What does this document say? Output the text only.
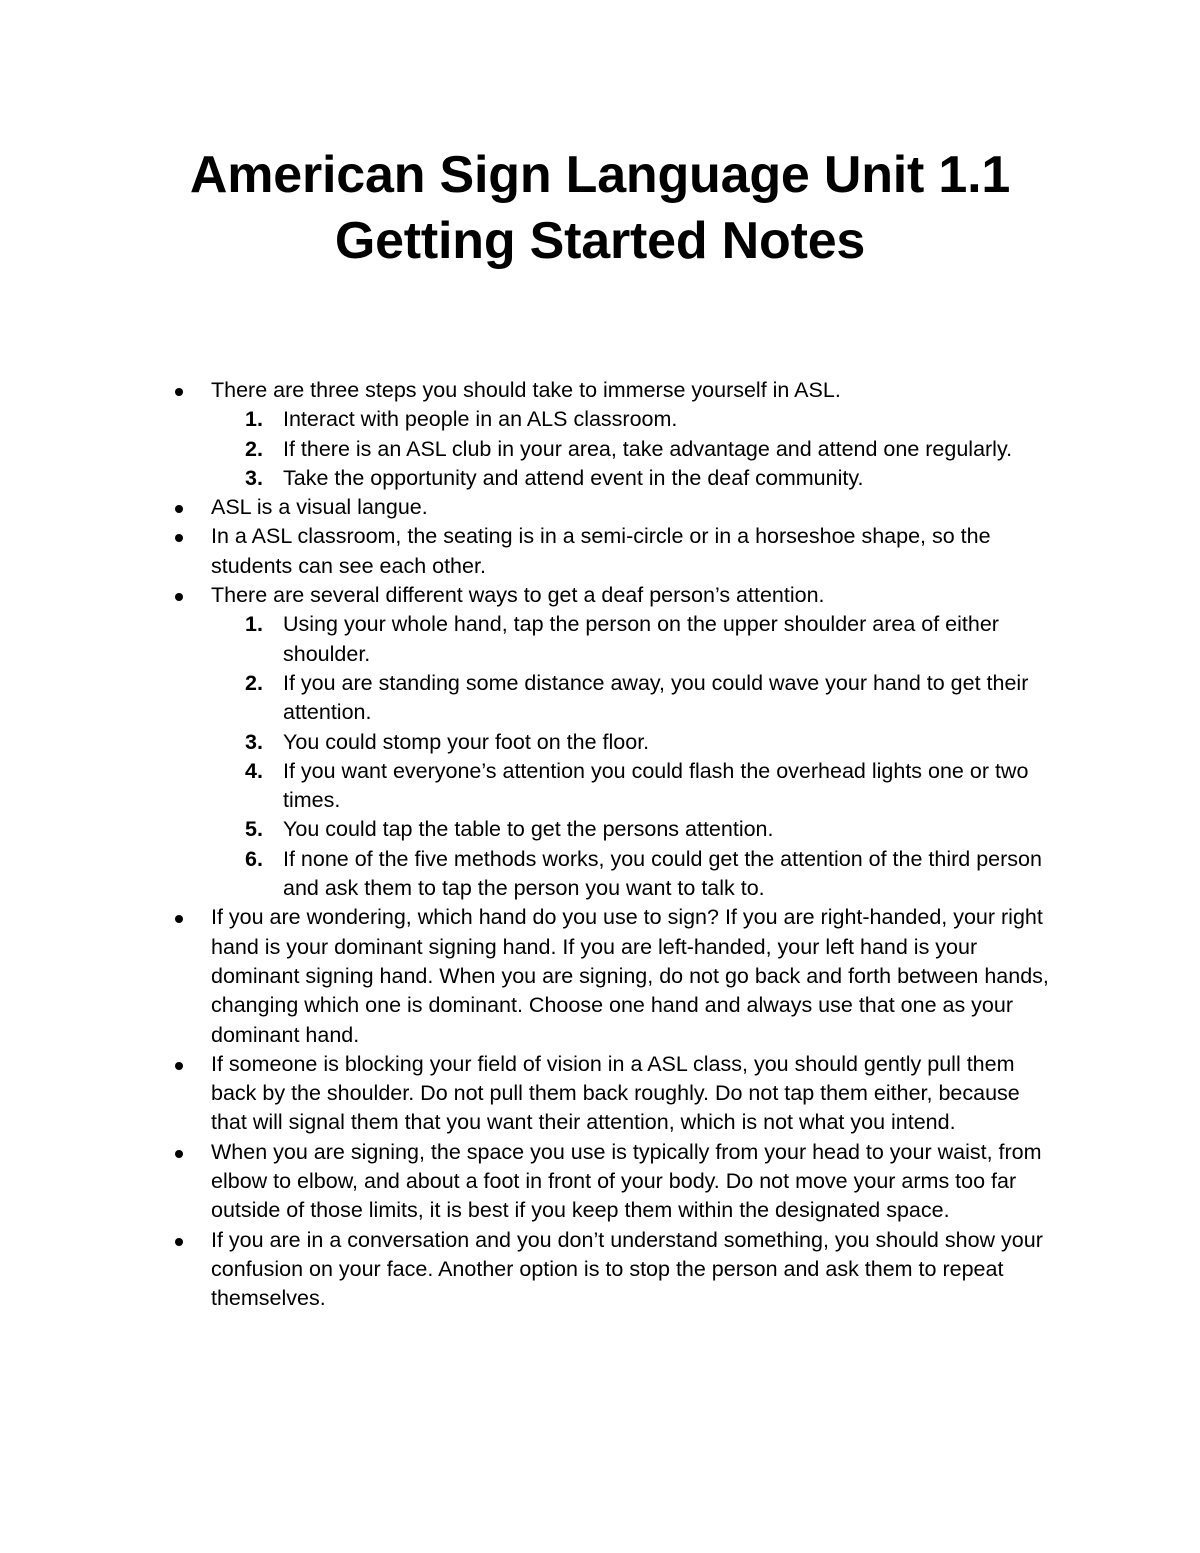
American Sign Language Unit 1.1
Getting Started Notes
There are three steps you should take to immerse yourself in ASL.
1. Interact with people in an ALS classroom.
2. If there is an ASL club in your area, take advantage and attend one regularly.
3. Take the opportunity and attend event in the deaf community.
ASL is a visual langue.
In a ASL classroom, the seating is in a semi-circle or in a horseshoe shape, so the students can see each other.
There are several different ways to get a deaf person’s attention.
1. Using your whole hand, tap the person on the upper shoulder area of either shoulder.
2. If you are standing some distance away, you could wave your hand to get their attention.
3. You could stomp your foot on the floor.
4. If you want everyone’s attention you could flash the overhead lights one or two times.
5. You could tap the table to get the persons attention.
6. If none of the five methods works, you could get the attention of the third person and ask them to tap the person you want to talk to.
If you are wondering, which hand do you use to sign? If you are right-handed, your right hand is your dominant signing hand. If you are left-handed, your left hand is your dominant signing hand. When you are signing, do not go back and forth between hands, changing which one is dominant. Choose one hand and always use that one as your dominant hand.
If someone is blocking your field of vision in a ASL class, you should gently pull them back by the shoulder. Do not pull them back roughly. Do not tap them either, because that will signal them that you want their attention, which is not what you intend.
When you are signing, the space you use is typically from your head to your waist, from elbow to elbow, and about a foot in front of your body. Do not move your arms too far outside of those limits, it is best if you keep them within the designated space.
If you are in a conversation and you don’t understand something, you should show your confusion on your face. Another option is to stop the person and ask them to repeat themselves.
